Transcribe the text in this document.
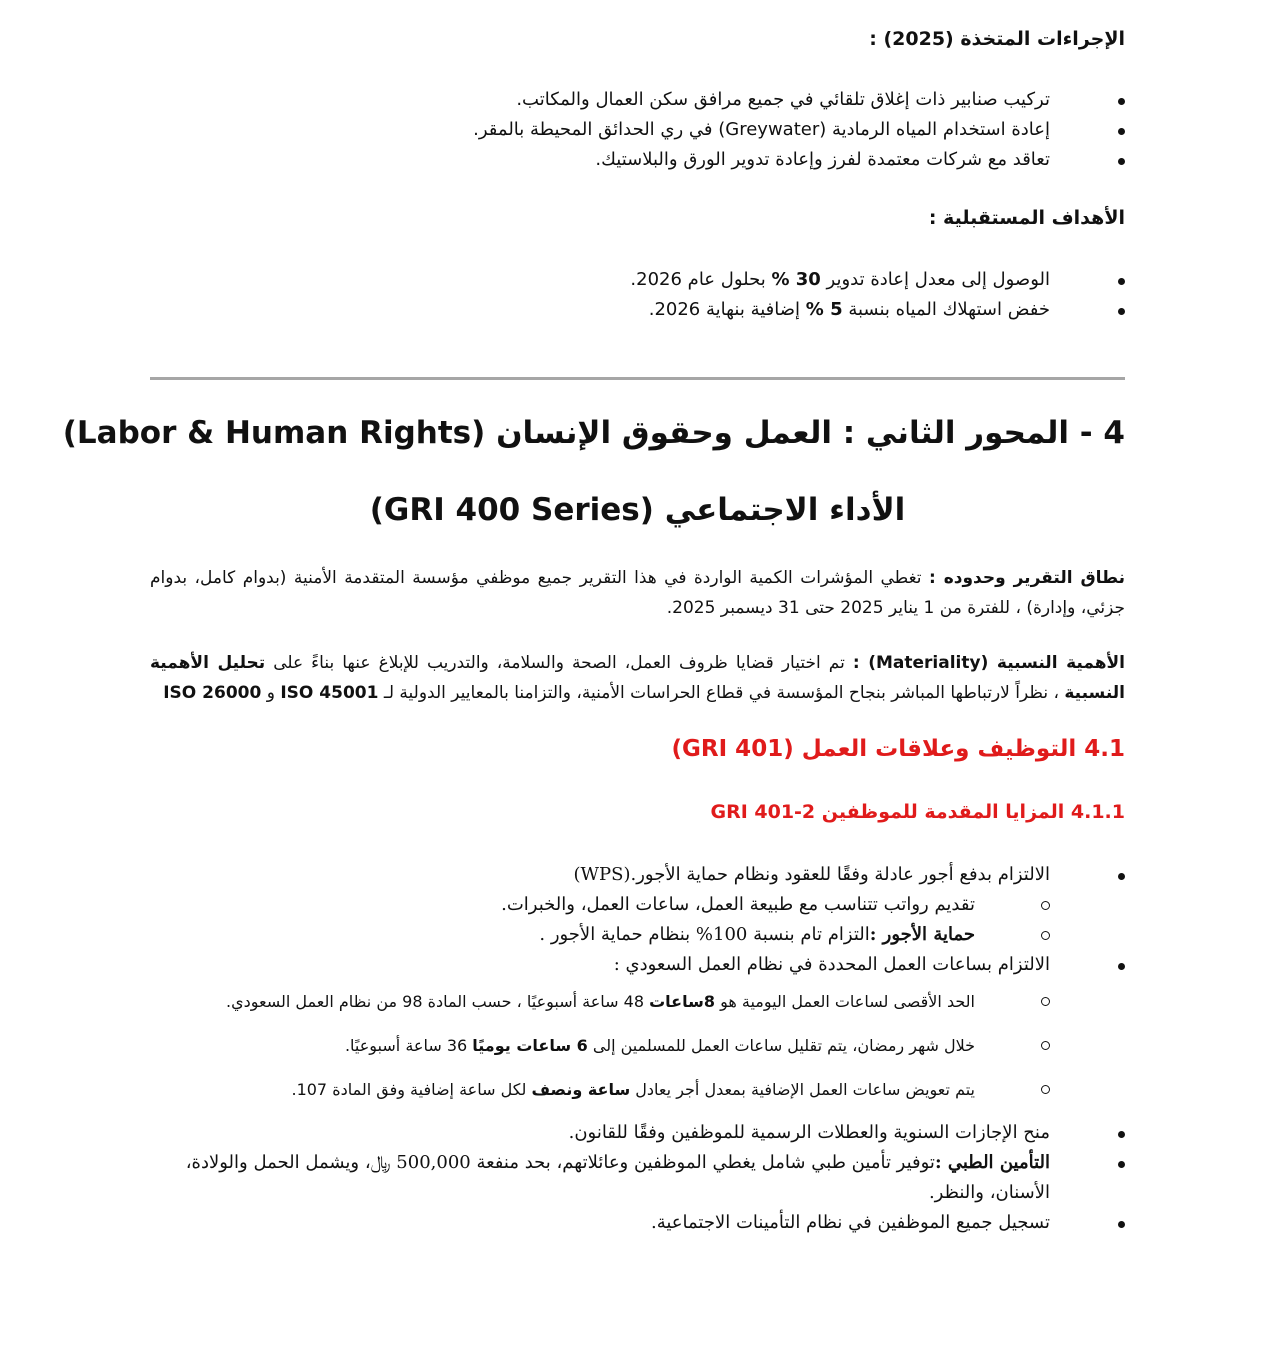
الإجراءات المتخذة (2025) :
تركيب صنابير ذات إغلاق تلقائي في جميع مرافق سكن العمال والمكاتب.
إعادة استخدام المياه الرمادية (Greywater) في ري الحدائق المحيطة بالمقر.
تعاقد مع شركات معتمدة لفرز وإعادة تدوير الورق والبلاستيك.
الأهداف المستقبلية :
الوصول إلى معدل إعادة تدوير 30 % بحلول عام 2026.
خفض استهلاك المياه بنسبة 5 % إضافية بنهاية 2026.
4 - المحور الثاني : العمل وحقوق الإنسان (Labor & Human Rights)
الأداء الاجتماعي (GRI 400 Series)
نطاق التقرير وحدوده : تغطي المؤشرات الكمية الواردة في هذا التقرير جميع موظفي مؤسسة المتقدمة الأمنية (بدوام كامل، بدوام جزئي، وإدارة) ، للفترة من 1 يناير 2025 حتى 31 ديسمبر 2025.
الأهمية النسبية (Materiality) : تم اختيار قضايا ظروف العمل، الصحة والسلامة، والتدريب للإبلاغ عنها بناءً على تحليل الأهمية النسبية ، نظراً لارتباطها المباشر بنجاح المؤسسة في قطاع الحراسات الأمنية، والتزامنا بالمعايير الدولية لـ ISO 45001 و ISO 26000
4.1 التوظيف وعلاقات العمل (GRI 401)
4.1.1 المزايا المقدمة للموظفين GRI 401-2
الالتزام بدفع أجور عادلة وفقًا للعقود ونظام حماية الأجور.(WPS)
تقديم رواتب تتناسب مع طبيعة العمل، ساعات العمل، والخبرات.
حماية الأجور :التزام تام بنسبة 100% بنظام حماية الأجور .
الالتزام بساعات العمل المحددة في نظام العمل السعودي :
الحد الأقصى لساعات العمل اليومية هو 8ساعات 48 ساعة أسبوعيًا ، حسب المادة 98 من نظام العمل السعودي.
خلال شهر رمضان، يتم تقليل ساعات العمل للمسلمين إلى 6 ساعات يوميًا 36 ساعة أسبوعيًا.
يتم تعويض ساعات العمل الإضافية بمعدل أجر يعادل ساعة ونصف لكل ساعة إضافية وفق المادة 107.
منح الإجازات السنوية والعطلات الرسمية للموظفين وفقًا للقانون.
التأمين الطبي :توفير تأمين طبي شامل يغطي الموظفين وعائلاتهم، بحد منفعة 500,000 ﷼، ويشمل الحمل والولادة، الأسنان، والنظر.
تسجيل جميع الموظفين في نظام التأمينات الاجتماعية.
